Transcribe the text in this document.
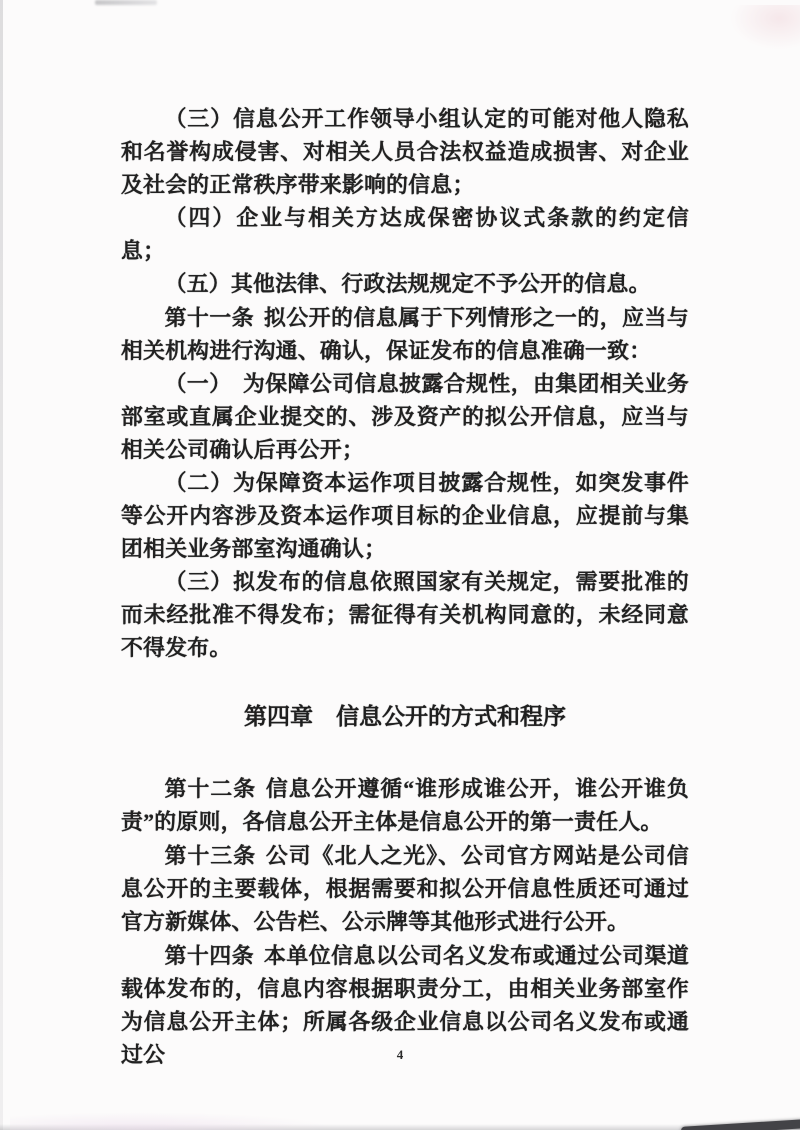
（三）信息公开工作领导小组认定的可能对他人隐私和名誉构成侵害、对相关人员合法权益造成损害、对企业及社会的正常秩序带来影响的信息；

（四）企业与相关方达成保密协议式条款的约定信息；

（五）其他法律、行政法规规定不予公开的信息。

第十一条 拟公开的信息属于下列情形之一的，应当与相关机构进行沟通、确认，保证发布的信息准确一致：

（一）　为保障公司信息披露合规性，由集团相关业务部室或直属企业提交的、涉及资产的拟公开信息，应当与相关公司确认后再公开；

（二）为保障资本运作项目披露合规性，如突发事件等公开内容涉及资本运作项目标的企业信息，应提前与集团相关业务部室沟通确认；

（三）拟发布的信息依照国家有关规定，需要批准的而未经批准不得发布；需征得有关机构同意的，未经同意不得发布。

第四章　信息公开的方式和程序

第十二条 信息公开遵循“谁形成谁公开，谁公开谁负责”的原则，各信息公开主体是信息公开的第一责任人。

第十三条 公司《北人之光》、公司官方网站是公司信息公开的主要载体，根据需要和拟公开信息性质还可通过官方新媒体、公告栏、公示牌等其他形式进行公开。

第十四条 本单位信息以公司名义发布或通过公司渠道载体发布的，信息内容根据职责分工，由相关业务部室作为信息公开主体；所属各级企业信息以公司名义发布或通过公	4
